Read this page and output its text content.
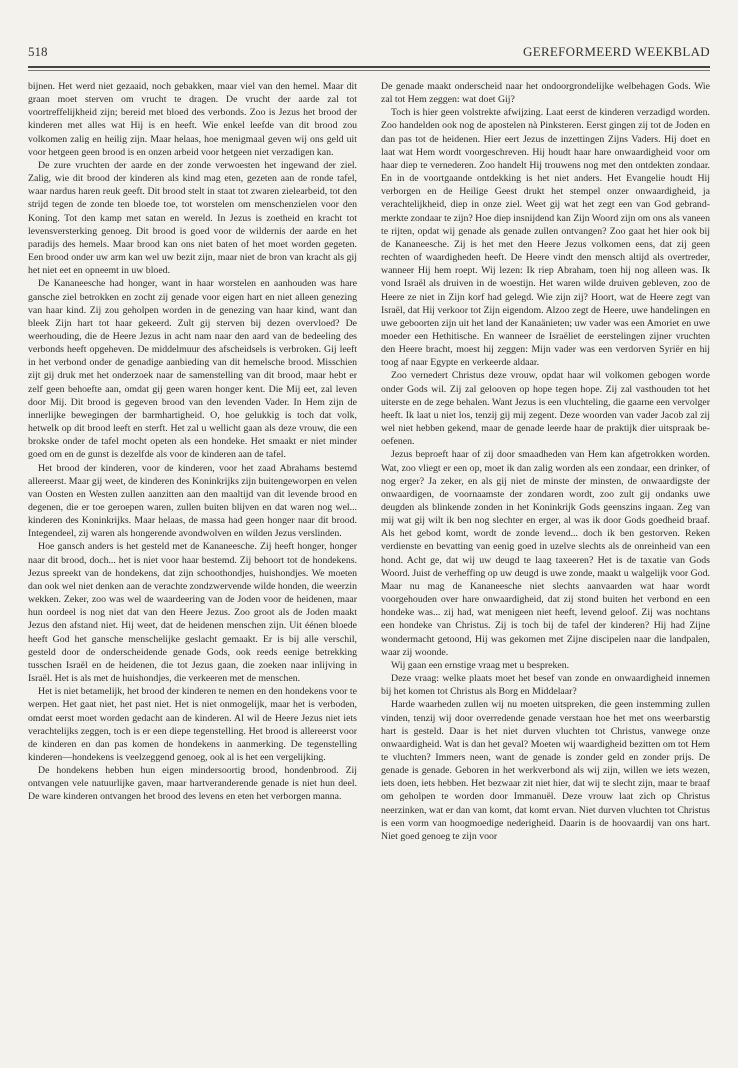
518	GEREFORMEERD WEEKBLAD

bijnen. Het werd niet gezaaid, noch gebakken, maar viel van den hemel. Maar dit graan moet sterven om vrucht te dragen. De vrucht der aarde zal tot voortreffelijkheid zijn; bereid met bloed des verbonds. Zoo is Jezus het brood der kinderen met alles wat Hij is en heeft. Wie enkel leefde van dit brood zou volkomen zalig en heilig zijn. Maar helaas, hoe menigmaal geven wij ons geld uit voor hetgeen geen brood is en onzen arbeid voor hetgeen niet verzadigen kan.

De zure vruchten der aarde en der zonde verwoesten het ingewand der ziel. Zalig, wie dit brood der kinderen als kind mag eten, gezeten aan de ronde tafel, waar nardus haren reuk geeft. Dit brood stelt in staat tot zwaren zielearbeid, tot den strijd tegen de zonde ten bloede toe, tot worstelen om menschenzielen voor den Koning. Tot den kamp met satan en wereld. In Jezus is zoetheid en kracht tot levensversterking genoeg. Dit brood is goed voor de wildernis der aarde en het paradijs des hemels. Maar brood kan ons niet baten of het moet worden gegeten. Een brood onder uw arm kan wel uw bezit zijn, maar niet de bron van kracht als gij het niet eet en opneemt in uw bloed.

De Kananeesche had honger, want in haar worstelen en aanhouden was hare gansche ziel betrokken en zocht zij genade voor eigen hart en niet alleen genezing van haar kind. Zij zou geholpen worden in de genezing van haar kind, want dan bleek Zijn hart tot haar gekeerd. Zult gij sterven bij dezen overvloed? De weerhouding, die de Heere Jezus in acht nam naar den aard van de bedeeling des verbonds heeft opgeheven. De middelmuur des afscheidsels is verbroken. Gij leeft in het verbond onder de genadige aanbieding van dit hemelsche brood. Misschien zijt gij druk met het onderzoek naar de samenstelling van dit brood, maar hebt er zelf geen behoefte aan, omdat gij geen waren honger kent. Die Mij eet, zal leven door Mij. Dit brood is gegeven brood van den levenden Vader. In Hem zijn de innerlijke bewegingen der barmhartigheid. O, hoe gelukkig is toch dat volk, hetwelk op dit brood leeft en sterft. Het zal u wellicht gaan als deze vrouw, die een brokske onder de tafel mocht opeten als een hondeke. Het smaakt er niet minder goed om en de gunst is dezelfde als voor de kinderen aan de tafel.

Het brood der kinderen, voor de kinderen, voor het zaad Abrahams bestemd allereerst. Maar gij weet, de kinderen des Koninkrijks zijn buitengeworpen en velen van Oosten en Westen zullen aanzitten aan den maaltijd van dit levende brood en degenen, die er toe geroepen waren, zullen buiten blijven en dat waren nog wel... kinderen des Koninkrijks. Maar helaas, de massa had geen honger naar dit brood. Integendeel, zij waren als hongerende avondwolven en wilden Jezus verslinden.

Hoe gansch anders is het gesteld met de Kananeesche. Zij heeft honger, honger naar dit brood, doch... het is niet voor haar bestemd. Zij behoort tot de hondekens. Jezus spreekt van de hondekens, dat zijn schoothondjes, huishondjes. We moeten dan ook wel niet denken aan de verachte zondzwervende wilde honden, die weerzin wekken. Zeker, zoo was wel de waardeering van de Joden voor de heidenen, maar hun oordeel is nog niet dat van den Heere Jezus. Zoo groot als de Joden maakt Jezus den afstand niet. Hij weet, dat de heidenen menschen zijn. Uit éénen bloede heeft God het gansche menschelijke geslacht gemaakt. Er is bij alle verschil, gesteld door de onderscheidende genade Gods, ook reeds eenige betrekking tusschen Israël en de heidenen, die tot Jezus gaan, die zoeken naar inlijving in Israël. Het is als met de huishondjes, die verkeeren met de menschen.

Het is niet betamelijk, het brood der kinderen te nemen en den hondekens voor te werpen. Het gaat niet, het past niet. Het is niet onmogelijk, maar het is verboden, omdat eerst moet worden gedacht aan de kinderen. Al wil de Heere Jezus niet iets verachtelijks zeggen, toch is er een diepe tegenstelling. Het brood is allereerst voor de kinderen en dan pas komen de hondekens in aanmerking. De tegenstelling kinderen—hondekens is veelzeggend genoeg, ook al is het een vergelijking.

De hondekens hebben hun eigen mindersoortig brood, hondenbrood. Zij ontvangen vele natuurlijke gaven, maar hartveranderende genade is niet hun deel. De ware kinderen ontvangen het brood des levens en eten het verborgen manna.

De genade maakt onderscheid naar het ondoorgrondelijke welbehagen Gods. Wie zal tot Hem zeggen: wat doet Gij?

Toch is hier geen volstrekte afwijzing. Laat eerst de kinderen verzadigd worden. Zoo handelden ook nog de apostelen nà Pinksteren. Eerst gingen zij tot de Joden en dan pas tot de heidenen. Hier eert Jezus de inzettingen Zijns Vaders. Hij doet en laat wat Hem wordt voorgeschreven. Hij houdt haar hare onwaardigheid voor om haar diep te vernederen. Zoo handelt Hij trouwens nog met den ontdekten zondaar. En in de voortgaande ontdekking is het niet anders. Het Evangelie houdt Hij verborgen en de Heilige Geest drukt het stempel onzer onwaardigheid, ja verachtelijkheid, diep in onze ziel. Weet gij wat het zegt een van God gebrandmerkte zondaar te zijn? Hoe diep insnijdend kan Zijn Woord zijn om ons als vaneen te rijten, opdat wij genade als genade zullen ontvangen? Zoo gaat het hier ook bij de Kananeesche. Zij is het met den Heere Jezus volkomen eens, dat zij geen rechten of waardigheden heeft. De Heere vindt den mensch altijd als overtreder, wanneer Hij hem roept. Wij lezen: Ik riep Abraham, toen hij nog alleen was. Ik vond Israël als druiven in de woestijn. Het waren wilde druiven gebleven, zoo de Heere ze niet in Zijn korf had gelegd. Wie zijn zij? Hoort, wat de Heere zegt van Israël, dat Hij verkoor tot Zijn eigendom. Alzoo zegt de Heere, uwe handelingen en uwe geboorten zijn uit het land der Kanaänieten; uw vader was een Amoriet en uwe moeder een Hethitische. En wanneer de Israëliet de eerstelingen zijner vruchten den Heere bracht, moest hij zeggen: Mijn vader was een verdorven Syriër en hij toog af naar Egypte en verkeerde aldaar.

Zoo vernedert Christus deze vrouw, opdat haar wil volkomen gebogen worde onder Gods wil. Zij zal gelooven op hope tegen hope. Zij zal vasthouden tot het uiterste en de zege behalen. Want Jezus is een vluchteling, die gaarne een vervolger heeft. Ik laat u niet los, tenzij gij mij zegent. Deze woorden van vader Jacob zal zij wel niet hebben gekend, maar de genade leerde haar de praktijk dier uitspraak beoefenen.

Jezus beproeft haar of zij door smaadheden van Hem kan afgetrokken worden. Wat, zoo vliegt er een op, moet ik dan zalig worden als een zondaar, een drinker, of nog erger? Ja zeker, en als gij niet de minste der minsten, de onwaardigste der onwaardigen, de voornaamste der zondaren wordt, zoo zult gij ondanks uwe deugden als blinkende zonden in het Koninkrijk Gods geenszins ingaan. Zeg van mij wat gij wilt ik ben nog slechter en erger, al was ik door Gods goedheid braaf. Als het gebod komt, wordt de zonde levend... doch ik ben gestorven. Reken verdienste en bevatting van eenig goed in uzelve slechts als de onreinheid van een hond. Acht ge, dat wij uw deugd te laag taxeeren? Het is de taxatie van Gods Woord. Juist de verheffing op uw deugd is uwe zonde, maakt u walgelijk voor God. Maar nu mag de Kananeesche niet slechts aanvaarden wat haar wordt voorgehouden over hare onwaardigheid, dat zij stond buiten het verbond en een hondeke was... zij had, wat menigeen niet heeft, levend geloof. Zij was nochtans een hondeke van Christus. Zij is toch bij de tafel der kinderen? Hij had Zijne wondermacht getoond, Hij was gekomen met Zijne discipelen naar die landpalen, waar zij woonde.

Wij gaan een ernstige vraag met u bespreken.

Deze vraag: welke plaats moet het besef van zonde en onwaardigheid innemen bij het komen tot Christus als Borg en Middelaar?

Harde waarheden zullen wij nu moeten uitspreken, die geen instemming zullen vinden, tenzij wij door overredende genade verstaan hoe het met ons weerbarstig hart is gesteld. Daar is het niet durven vluchten tot Christus, vanwege onze onwaardigheid. Wat is dan het geval? Moeten wij waardigheid bezitten om tot Hem te vluchten? Immers neen, want de genade is zonder geld en zonder prijs. De genade is genade. Geboren in het werkverbond als wij zijn, willen we iets wezen, iets doen, iets hebben. Het bezwaar zit niet hier, dat wij te slecht zijn, maar te braaf om geholpen te worden door Immanuël. Deze vrouw laat zich op Christus neerzinken, wat er dan van komt, dat komt ervan. Niet durven vluchten tot Christus is een vorm van hoogmoedige nederigheid. Daarin is de hoovaardij van ons hart. Niet goed genoeg te zijn voor
